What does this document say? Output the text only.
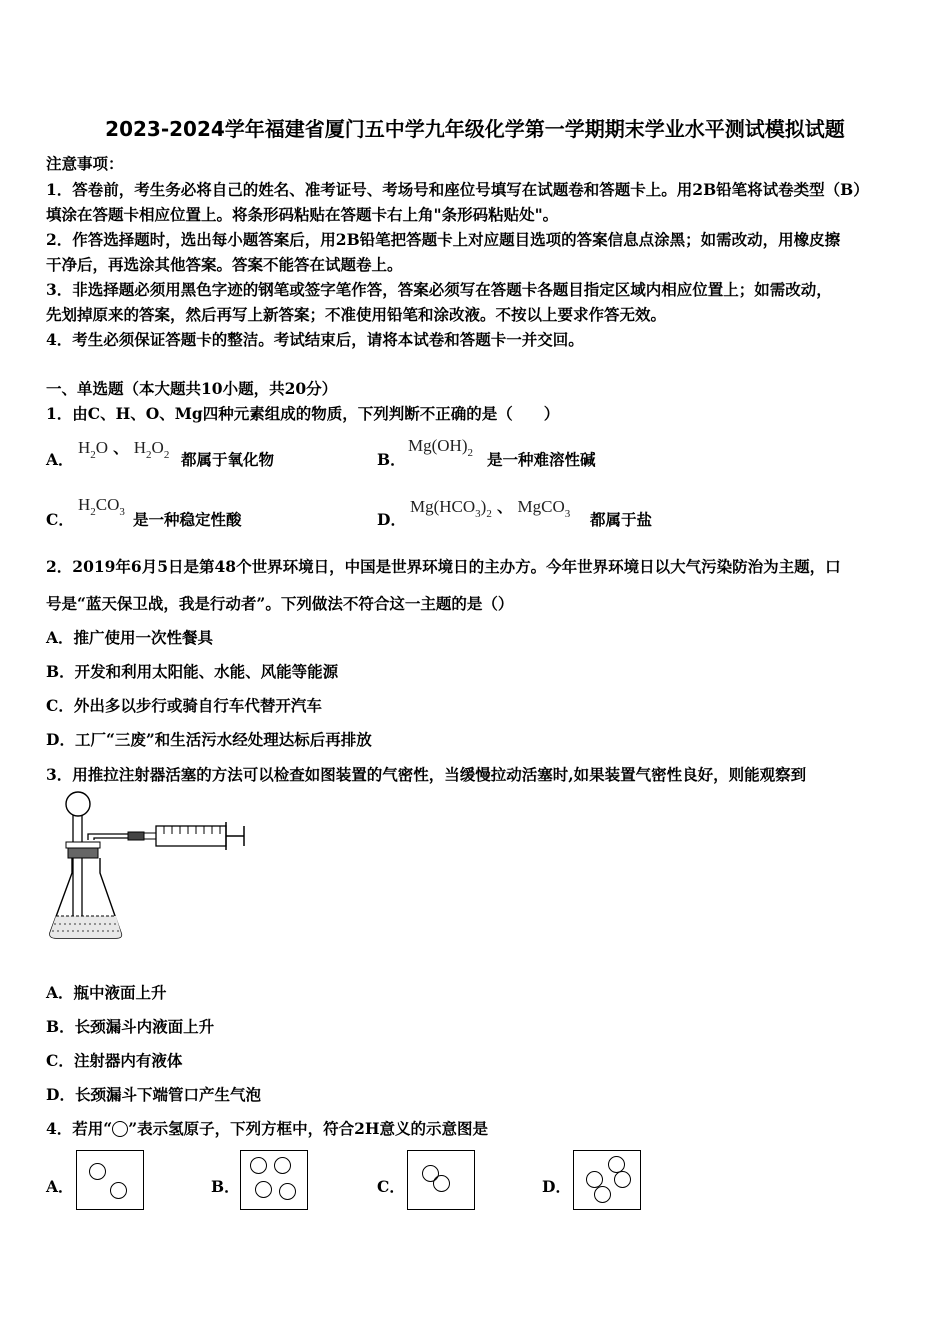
2023-2024学年福建省厦门五中学九年级化学第一学期期末学业水平测试模拟试题
注意事项：
1．答卷前，考生务必将自己的姓名、准考证号、考场号和座位号填写在试题卷和答题卡上。用2B铅笔将试卷类型（B）
填涂在答题卡相应位置上。将条形码粘贴在答题卡右上角"条形码粘贴处"。
2．作答选择题时，选出每小题答案后，用2B铅笔把答题卡上对应题目选项的答案信息点涂黑；如需改动，用橡皮擦
干净后，再选涂其他答案。答案不能答在试题卷上。
3．非选择题必须用黑色字迹的钢笔或签字笔作答，答案必须写在答题卡各题目指定区域内相应位置上；如需改动，
先划掉原来的答案，然后再写上新答案；不准使用铅笔和涂改液。不按以上要求作答无效。
4．考生必须保证答题卡的整洁。考试结束后，请将本试卷和答题卡一并交回。
一、单选题（本大题共10小题，共20分）
1．由C、H、O、Mg四种元素组成的物质，下列判断不正确的是（　　）
A．
$H_2O$ 、 $H_2O_2$ 都属于氧化物	B．
$Mg(OH)_2$ 是一种难溶性碱
C．
$H_2CO_3$ 是一种稳定性酸	D．
$Mg(HCO_3)_2$ 、 MgCO$_3$ 都属于盐
2．2019年6月5日是第48个世界环境日，中国是世界环境日的主办方。今年世界环境日以大气污染防治为主题，口
号是“蓝天保卫战，我是行动者”。下列做法不符合这一主题的是（）
A．推广使用一次性餐具
B．开发和利用太阳能、水能、风能等能源
C．外出多以步行或骑自行车代替开汽车
D．工厂“三废”和生活污水经处理达标后再排放
3．用推拉注射器活塞的方法可以检查如图装置的气密性，当缓慢拉动活塞时,如果装置气密性良好，则能观察到
A．瓶中液面上升
B．长颈漏斗内液面上升
C．注射器内有液体
D．长颈漏斗下端管口产生气泡
4．若用“ ”表示氢原子，下列方框中，符合2H意义的示意图是
A．	B．	C．	D．
